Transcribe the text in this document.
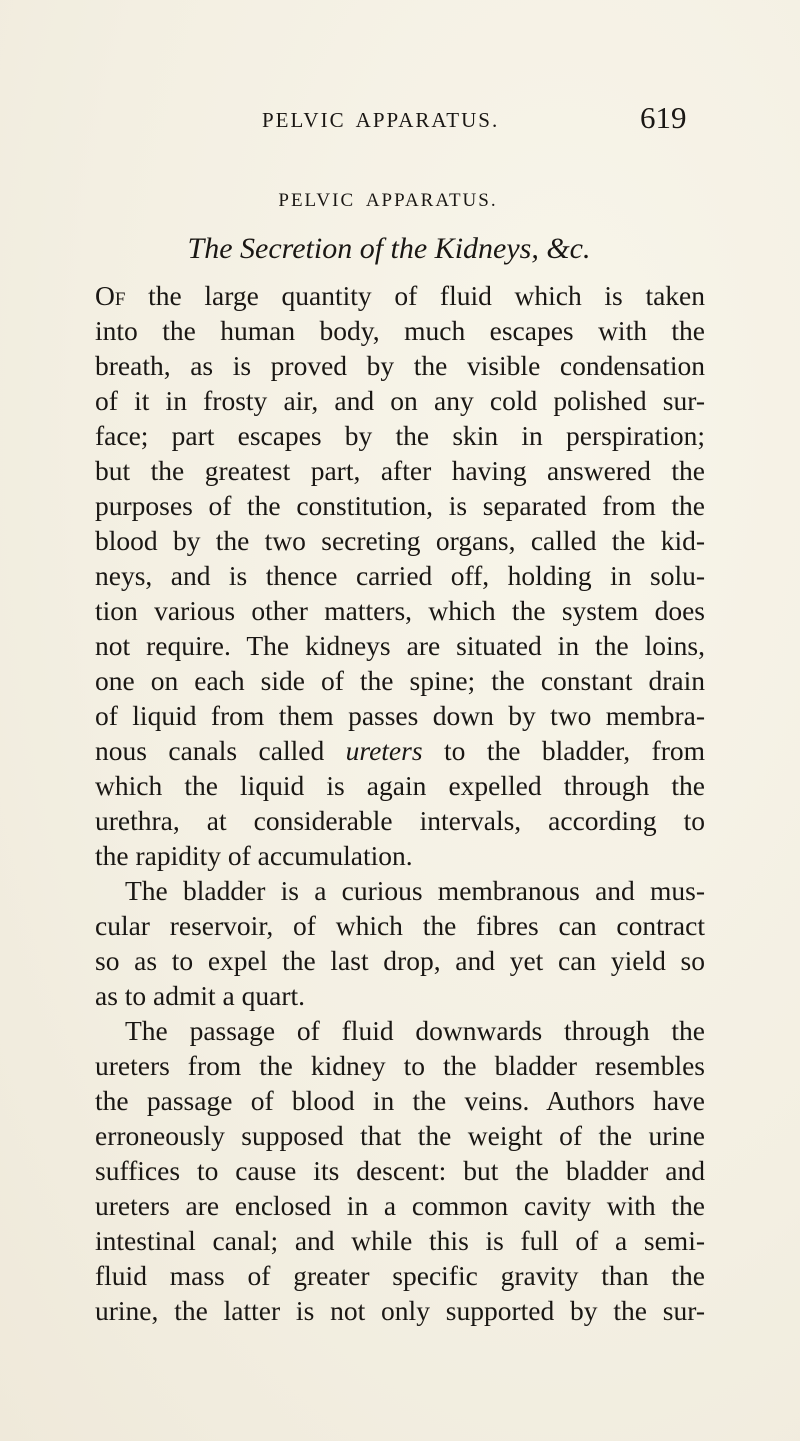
PELVIC APPARATUS.	619
PELVIC APPARATUS.
The Secretion of the Kidneys, &c.
Of the large quantity of fluid which is taken
into the human body, much escapes with the
breath, as is proved by the visible condensation
of it in frosty air, and on any cold polished sur-
face; part escapes by the skin in perspiration;
but the greatest part, after having answered the
purposes of the constitution, is separated from the
blood by the two secreting organs, called the kid-
neys, and is thence carried off, holding in solu-
tion various other matters, which the system does
not require. The kidneys are situated in the loins,
one on each side of the spine; the constant drain
of liquid from them passes down by two membra-
nous canals called ureters to the bladder, from
which the liquid is again expelled through the
urethra, at considerable intervals, according to
the rapidity of accumulation.
The bladder is a curious membranous and mus-
cular reservoir, of which the fibres can contract
so as to expel the last drop, and yet can yield so
as to admit a quart.
The passage of fluid downwards through the
ureters from the kidney to the bladder resembles
the passage of blood in the veins. Authors have
erroneously supposed that the weight of the urine
suffices to cause its descent: but the bladder and
ureters are enclosed in a common cavity with the
intestinal canal; and while this is full of a semi-
fluid mass of greater specific gravity than the
urine, the latter is not only supported by the sur-
